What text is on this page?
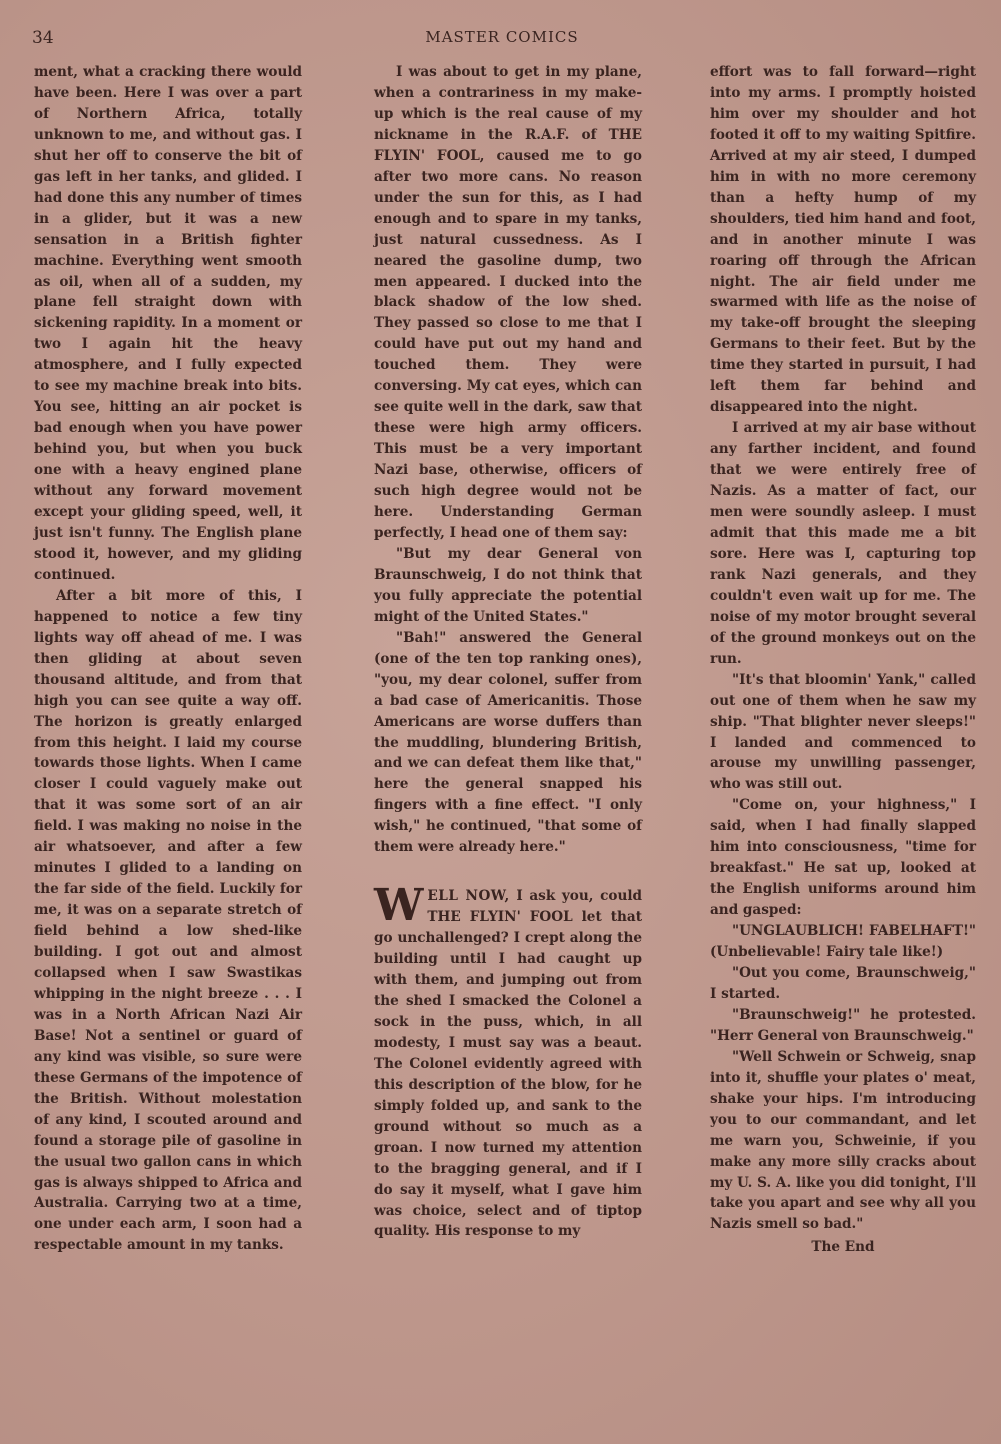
34	MASTER COMICS

ment, what a cracking there would have been. Here I was over a part of Northern Africa, totally unknown to me, and without gas. I shut her off to conserve the bit of gas left in her tanks, and glided. I had done this any number of times in a glider, but it was a new sensation in a British fighter machine. Everything went smooth as oil, when all of a sudden, my plane fell straight down with sickening rapidity. In a moment or two I again hit the heavy atmosphere, and I fully expected to see my machine break into bits. You see, hitting an air pocket is bad enough when you have power behind you, but when you buck one with a heavy engined plane without any forward movement except your gliding speed, well, it just isn't funny. The English plane stood it, however, and my gliding continued.

After a bit more of this, I happened to notice a few tiny lights way off ahead of me. I was then gliding at about seven thousand altitude, and from that high you can see quite a way off. The horizon is greatly enlarged from this height. I laid my course towards those lights. When I came closer I could vaguely make out that it was some sort of an air field. I was making no noise in the air whatsoever, and after a few minutes I glided to a landing on the far side of the field. Luckily for me, it was on a separate stretch of field behind a low shed-like building. I got out and almost collapsed when I saw Swastikas whipping in the night breeze . . . I was in a North African Nazi Air Base! Not a sentinel or guard of any kind was visible, so sure were these Germans of the impotence of the British. Without molestation of any kind, I scouted around and found a storage pile of gasoline in the usual two gallon cans in which gas is always shipped to Africa and Australia. Carrying two at a time, one under each arm, I soon had a respectable amount in my tanks.

I was about to get in my plane, when a contrariness in my make-up which is the real cause of my nickname in the R.A.F. of THE FLYIN' FOOL, caused me to go after two more cans. No reason under the sun for this, as I had enough and to spare in my tanks, just natural cussedness. As I neared the gasoline dump, two men appeared. I ducked into the black shadow of the low shed. They passed so close to me that I could have put out my hand and touched them. They were conversing. My cat eyes, which can see quite well in the dark, saw that these were high army officers. This must be a very important Nazi base, otherwise, officers of such high degree would not be here. Understanding German perfectly, I head one of them say:

"But my dear General von Braunschweig, I do not think that you fully appreciate the potential might of the United States."

"Bah!" answered the General (one of the ten top ranking ones), "you, my dear colonel, suffer from a bad case of Americanitis. Those Americans are worse duffers than the muddling, blundering British, and we can defeat them like that," here the general snapped his fingers with a fine effect. "I only wish," he continued, "that some of them were already here."

WELL NOW, I ask you, could THE FLYIN' FOOL let that go unchallenged? I crept along the building until I had caught up with them, and jumping out from the shed I smacked the Colonel a sock in the puss, which, in all modesty, I must say was a beaut. The Colonel evidently agreed with this description of the blow, for he simply folded up, and sank to the ground without so much as a groan. I now turned my attention to the bragging general, and if I do say it myself, what I gave him was choice, select and of tiptop quality. His response to my

effort was to fall forward—right into my arms. I promptly hoisted him over my shoulder and hot footed it off to my waiting Spitfire. Arrived at my air steed, I dumped him in with no more ceremony than a hefty hump of my shoulders, tied him hand and foot, and in another minute I was roaring off through the African night. The air field under me swarmed with life as the noise of my take-off brought the sleeping Germans to their feet. But by the time they started in pursuit, I had left them far behind and disappeared into the night.

I arrived at my air base without any farther incident, and found that we were entirely free of Nazis. As a matter of fact, our men were soundly asleep. I must admit that this made me a bit sore. Here was I, capturing top rank Nazi generals, and they couldn't even wait up for me. The noise of my motor brought several of the ground monkeys out on the run.

"It's that bloomin' Yank," called out one of them when he saw my ship. "That blighter never sleeps!" I landed and commenced to arouse my unwilling passenger, who was still out.

"Come on, your highness," I said, when I had finally slapped him into consciousness, "time for breakfast." He sat up, looked at the English uniforms around him and gasped:

"UNGLAUBLICH! FABELHAFT!" (Unbelievable! Fairy tale like!)

"Out you come, Braunschweig," I started.

"Braunschweig!" he protested. "Herr General von Braunschweig."

"Well Schwein or Schweig, snap into it, shuffle your plates o' meat, shake your hips. I'm introducing you to our commandant, and let me warn you, Schweinie, if you make any more silly cracks about my U. S. A. like you did tonight, I'll take you apart and see why all you Nazis smell so bad."

The End
